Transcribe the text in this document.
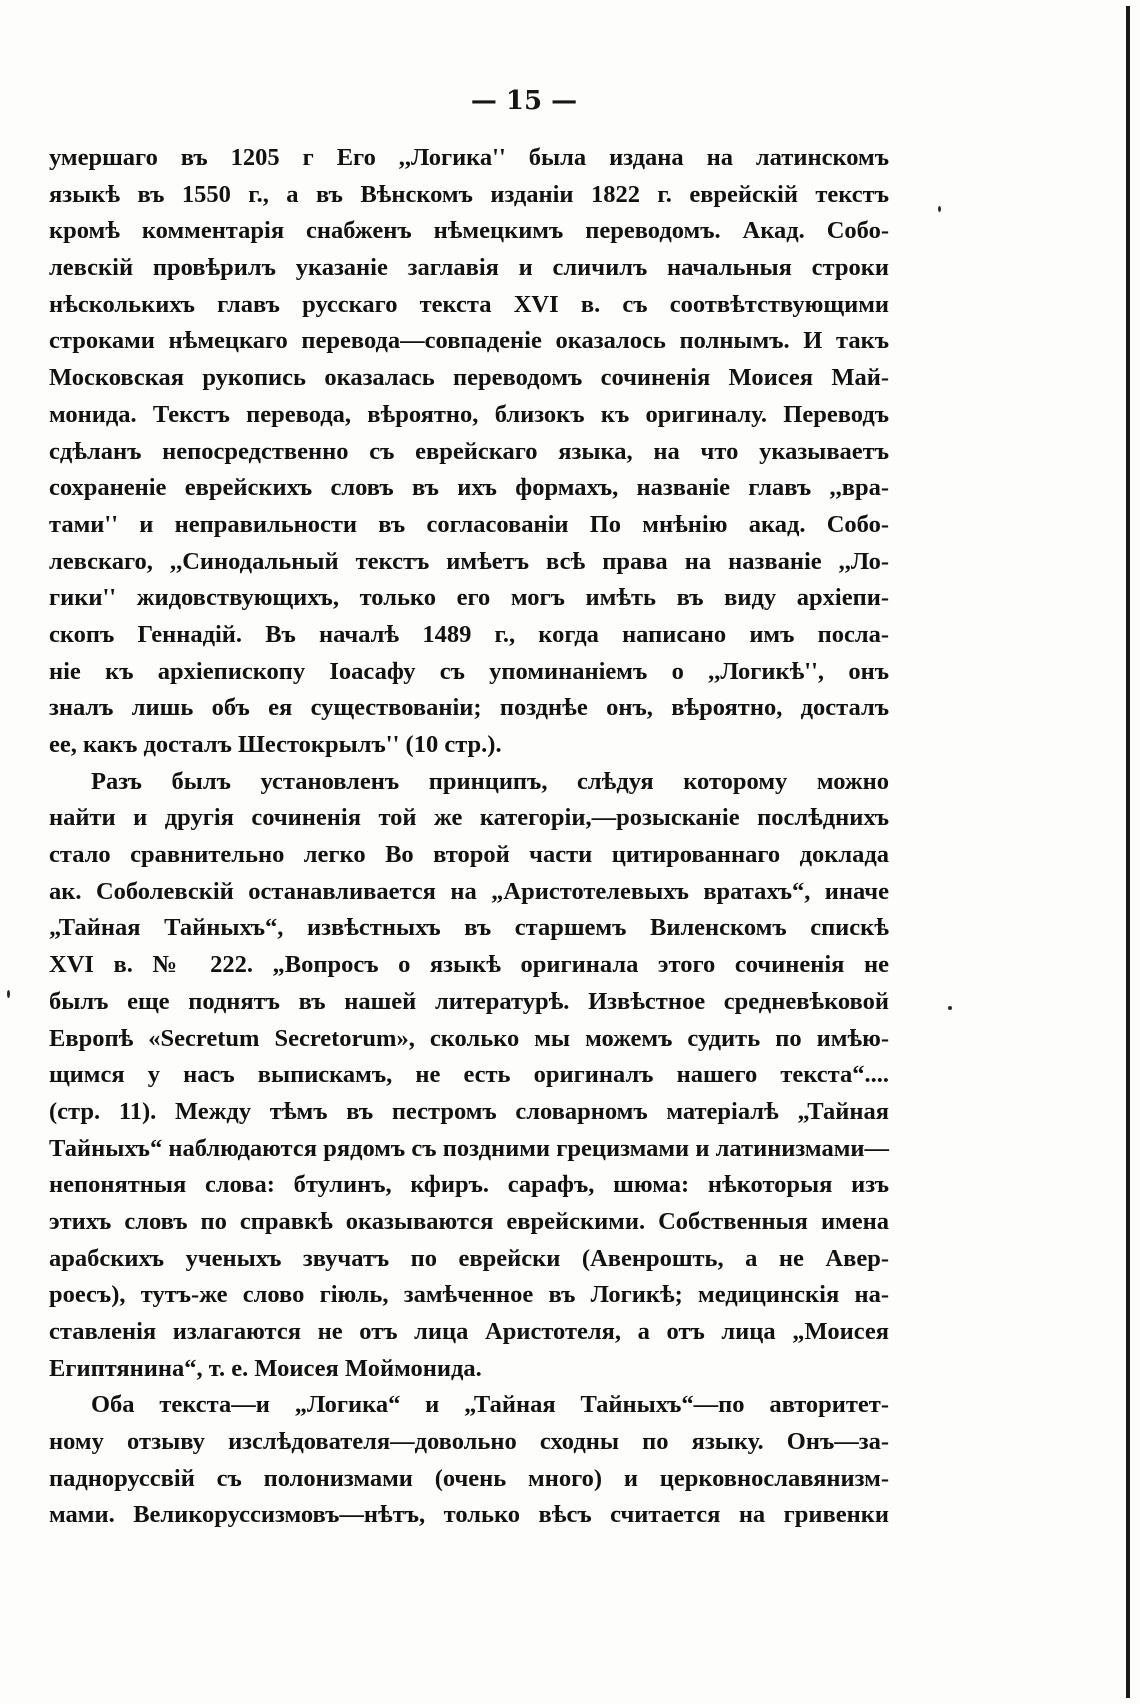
— 15 —
умершаго въ 1205 г Его ,,Логика'' была издана на латинскомъ
языкѣ въ 1550 г., а въ Вѣнскомъ изданіи 1822 г. еврейскій текстъ
кромѣ комментарія снабженъ нѣмецкимъ переводомъ. Акад. Собо-
левскій провѣрилъ указаніе заглавія и сличилъ начальныя строки
нѣсколькихъ главъ русскаго текста XVI в. съ соотвѣтствующими
строками нѣмецкаго перевода—совпаденіе оказалось полнымъ. И такъ
Московская рукопись оказалась переводомъ сочиненія Моисея Май-
монида. Текстъ перевода, вѣроятно, близокъ къ оригиналу. Переводъ
сдѣланъ непосредственно съ еврейскаго языка, на что указываетъ
сохраненіе еврейскихъ словъ въ ихъ формахъ, названіе главъ ,,вра-
тами'' и неправильности въ согласованіи По мнѣнію акад. Собо-
левскаго, ,,Синодальный текстъ имѣетъ всѣ права на названіе ,,Ло-
гики'' жидовствующихъ, только его могъ имѣть въ виду архіепи-
скопъ Геннадій. Въ началѣ 1489 г., когда написано имъ посла-
ніе къ архіепископу Іоасафу съ упоминаніемъ о ,,Логикѣ'', онъ
зналъ лишь объ ея существованіи; позднѣе онъ, вѣроятно, досталъ
ее, какъ досталъ Шестокрылъ'' (10 стр.).
Разъ былъ установленъ принципъ, слѣдуя которому можно
найти и другія сочиненія той же категоріи,—розысканіе послѣднихъ
стало сравнительно легко Во второй части цитированнаго доклада
ак. Соболевскій останавливается на „Аристотелевыхъ вратахъ“, иначе
„Тайная Тайныхъ“, извѣстныхъ въ старшемъ Виленскомъ спискѣ
XVI в. № 222. „Вопросъ о языкѣ оригинала этого сочиненія не
былъ еще поднятъ въ нашей литературѣ. Извѣстное средневѣковой
Европѣ «Secretum Secretorum», сколько мы можемъ судить по имѣю-
щимся у насъ выпискамъ, не есть оригиналъ нашего текста“....
(стр. 11). Между тѣмъ въ пестромъ словарномъ матеріалѣ „Тайная
Тайныхъ“ наблюдаются рядомъ съ поздними грецизмами и латинизмами—
непонятныя слова: бтулинъ, кфиръ. сарафъ, шюма: нѣкоторыя изъ
этихъ словъ по справкѣ оказываются еврейскими. Собственныя имена
арабскихъ ученыхъ звучатъ по еврейски (Авенрошть, а не Авер-
роесъ), тутъ-же слово гіюль, замѣченное въ Логикѣ; медицинскія на-
ставленія излагаются не отъ лица Аристотеля, а отъ лица „Моисея
Египтянина“, т. е. Моисея Моймонида.
Оба текста—и „Логика“ и „Тайная Тайныхъ“—по авторитет-
ному отзыву изслѣдователя—довольно сходны по языку. Онъ—за-
падноруссвій съ полонизмами (очень много) и церковнославянизм-
мами. Великоруссизмовъ—нѣтъ, только вѣсъ считается на гривенки
